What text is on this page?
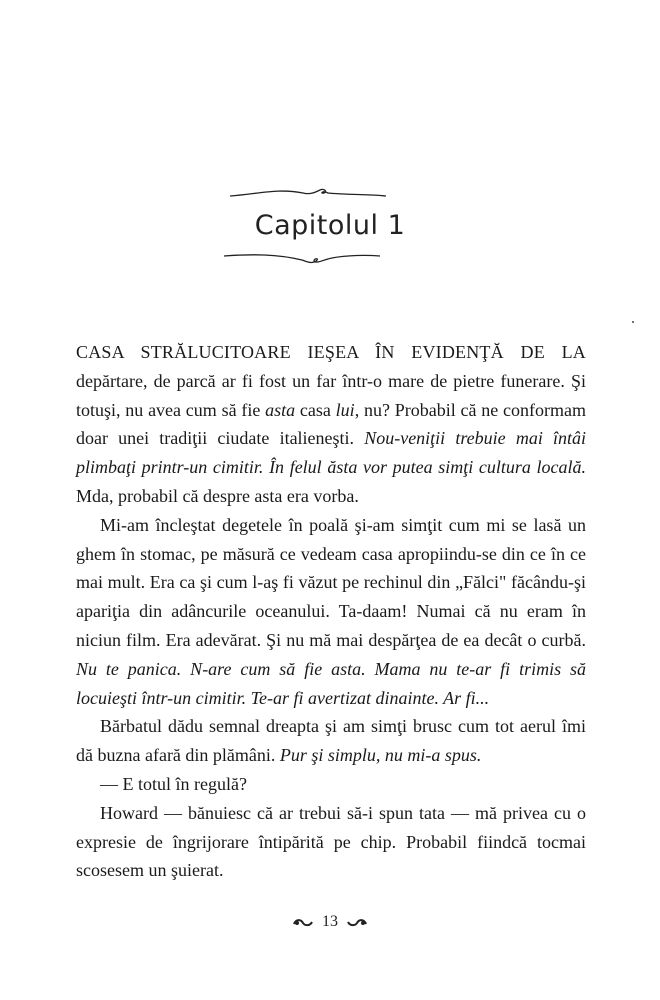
Capitolul 1

CASA STRĂLUCITOARE IEŞEA ÎN EVIDENŢĂ DE LA depărtare, de parcă ar fi fost un far într-o mare de pietre funerare. Şi totuşi, nu avea cum să fie asta casa lui, nu? Probabil că ne conformam doar unei tradiţii ciudate italieneşti. Nou-veniţii trebuie mai întâi plimbaţi printr-un cimitir. În felul ăsta vor putea simţi cultura locală. Mda, probabil că despre asta era vorba.

Mi-am încleştat degetele în poală şi-am simţit cum mi se lasă un ghem în stomac, pe măsură ce vedeam casa apropiindu-se din ce în ce mai mult. Era ca şi cum l-aş fi văzut pe rechinul din „Fălci" făcându-şi apariţia din adâncurile oceanului. Ta-daam! Numai că nu eram în niciun film. Era adevărat. Şi nu mă mai despărţea de ea decât o curbă. Nu te panica. N-are cum să fie asta. Mama nu te-ar fi trimis să locuieşti într-un cimitir. Te-ar fi avertizat dinainte. Ar fi...

Bărbatul dădu semnal dreapta şi am simţi brusc cum tot aerul îmi dă buzna afară din plămâni. Pur şi simplu, nu mi-a spus.

— E totul în regulă?

Howard — bănuiesc că ar trebui să-i spun tata — mă privea cu o expresie de îngrijorare întipărită pe chip. Probabil fiindcă tocmai scosesem un şuierat.

13
